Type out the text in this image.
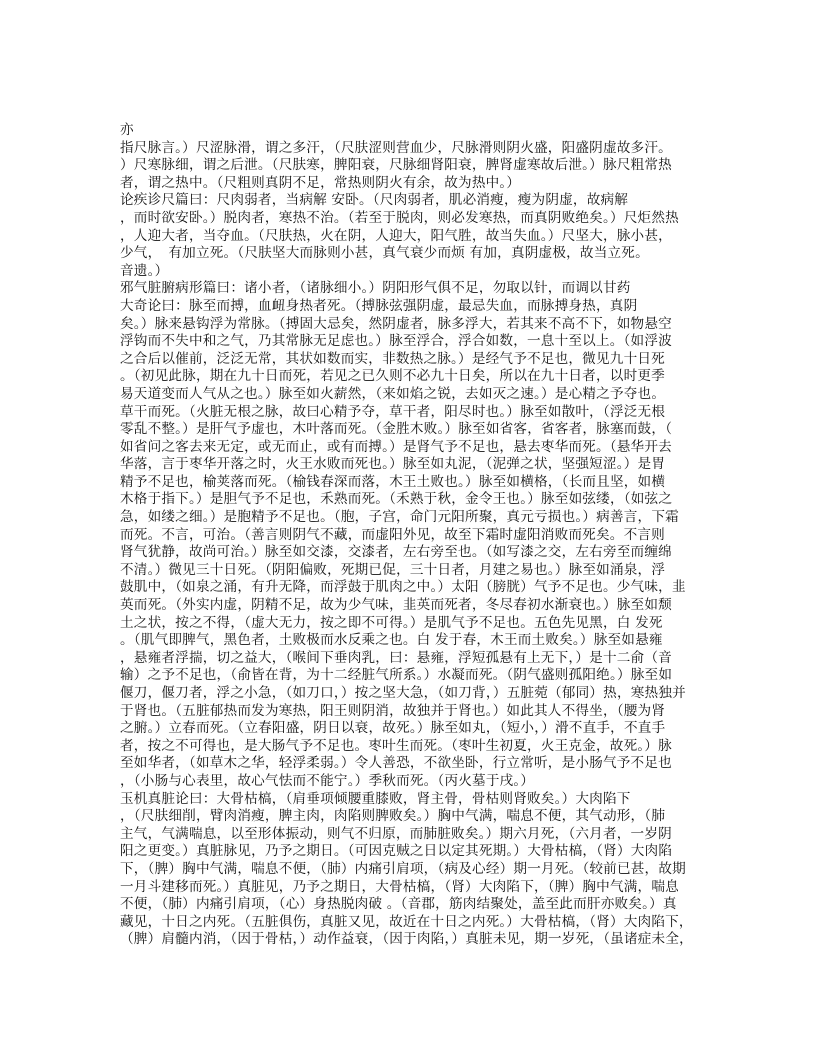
亦
指尺脉言。）尺涩脉滑，谓之多汗，（尺肤涩则营血少，尺脉滑则阴火盛，阳盛阴虚故多汗。
）尺寒脉细，谓之后泄。（尺肤寒，脾阳衰，尺脉细肾阳衰，脾肾虚寒故后泄。）脉尺粗常热
者，谓之热中。（尺粗则真阴不足，常热则阴火有余，故为热中。）
论疾诊尺篇曰：尺肉弱者，当病解 安卧。（尺肉弱者，肌必消瘦，瘦为阴虚，故病解
，而时欲安卧。）脱肉者，寒热不治。（若至于脱肉，则必发寒热，而真阴败绝矣。）尺炬然热
，人迎大者，当夺血。（尺肤热，火在阴，人迎大，阳气胜，故当失血。）尺坚大，脉小甚，
少气，　有加立死。（尺肤坚大而脉则小甚，真气衰少而烦 有加，真阴虚极，故当立死。
音遗。）
邪气脏腑病形篇曰：诸小者，（诸脉细小。）阴阳形气俱不足，勿取以针，而调以甘药
大奇论曰：脉至而搏，血衄身热者死。（搏脉弦强阴虚，最忌失血，而脉搏身热，真阴
矣。）脉来悬钩浮为常脉。（搏固大忌矣，然阴虚者，脉多浮大，若其来不高不下，如物悬空
浮钩而不失中和之气，乃其常脉无足虑也。）脉至浮合，浮合如数，一息十至以上。（如浮波
之合后以催前，泛泛无常，其状如数而实，非数热之脉。）是经气予不足也，微见九十日死
。（初见此脉，期在九十日而死，若见之已久则不必九十日矣，所以在九十日者，以时更季
易天道变而人气从之也。）脉至如火薪然，（来如焰之锐，去如灭之速。）是心精之予夺也。
草干而死。（火脏无根之脉，故曰心精予夺，草干者，阳尽时也。）脉至如散叶，（浮泛无根
零乱不整。）是肝气予虚也，木叶落而死。（金胜木败。）脉至如省客，省客者，脉塞而鼓，（
如省问之客去来无定，或无而止，或有而搏。）是肾气予不足也，悬去枣华而死。（悬华开去
华落，言于枣华开落之时，火王水败而死也。）脉至如丸泥，（泥弹之状，坚强短涩。）是胃
精予不足也，榆荚落而死。（榆钱春深而落，木王土败也。）脉至如横格，（长而且坚，如横
木格于指下。）是胆气予不足也，禾熟而死。（禾熟于秋，金令王也。）脉至如弦缕，（如弦之
急，如缕之细。）是胞精予不足也。（胞，子宫，命门元阳所聚，真元亏损也。）病善言，下霜
而死。不言，可治。（善言则阴气不藏，而虚阳外见，故至下霜时虚阳消败而死矣。不言则
肾气犹静，故尚可治。）脉至如交漆，交漆者，左右旁至也。（如写漆之交，左右旁至而缠绵
不清。）微见三十日死。（阴阳偏败，死期已促，三十日者，月建之易也。）脉至如涌泉，浮
鼓肌中，（如泉之涌，有升无降，而浮鼓于肌肉之中。）太阳（膀胱）气予不足也。少气味，韭
英而死。（外实内虚，阴精不足，故为少气味，韭英而死者，冬尽春初水渐衰也。）脉至如颓
土之状，按之不得，（虚大无力，按之即不可得。）是肌气予不足也。五色先见黑，白 发死
。（肌气即脾气，黑色者，土败极而水反乘之也。白 发于春，木王而土败矣。）脉至如悬雍
，悬雍者浮揣，切之益大，（喉间下垂肉乳，曰：悬雍，浮短孤悬有上无下，）是十二俞（音
输）之予不足也，（俞皆在背，为十二经脏气所系。）水凝而死。（阴气盛则孤阳绝。）脉至如
偃刀，偃刀者，浮之小急，（如刀口，）按之坚大急，（如刀背，）五脏菀（郁同）热，寒热独并
于肾也。（五脏郁热而发为寒热，阳王则阴消，故独并于肾也。）如此其人不得坐，（腰为肾
之腑。）立春而死。（立春阳盛，阴日以衰，故死。）脉至如丸，（短小，）滑不直手，不直手
者，按之不可得也，是大肠气予不足也。枣叶生而死。（枣叶生初夏，火王克金，故死。）脉
至如华者，（如草木之华，轻浮柔弱。）令人善恐，不欲坐卧，行立常听，是小肠气予不足也
，（小肠与心表里，故心气怯而不能宁。）季秋而死。（丙火墓于戌。）
玉机真脏论曰：大骨枯槁，（肩垂项倾腰重膝败，肾主骨，骨枯则肾败矣。）大肉陷下
，（尺肤细削，臂肉消瘦，脾主肉，肉陷则脾败矣。）胸中气满，喘息不便，其气动形，（肺
主气，气满喘息，以至形体振动，则气不归原，而肺脏败矣。）期六月死，（六月者，一岁阴
阳之更变。）真脏脉见，乃予之期日。（可因克贼之日以定其死期。）大骨枯槁，（肾）大肉陷
下，（脾）胸中气满，喘息不便，（肺）内痛引肩项，（病及心经）期一月死。（较前已甚，故期
一月斗建移而死。）真脏见，乃予之期日，大骨枯槁，（肾）大肉陷下，（脾）胸中气满，喘息
不便，（肺）内痛引肩项，（心）身热脱肉破 。（音郡，筋肉结聚处，盖至此而肝亦败矣。）真
藏见，十日之内死。（五脏俱伤，真脏又见，故近在十日之内死。）大骨枯槁，（肾）大肉陷下，
（脾）肩髓内消，（因于骨枯，）动作益衰，（因于肉陷，）真脏未见，期一岁死，（虽诸症未全，
